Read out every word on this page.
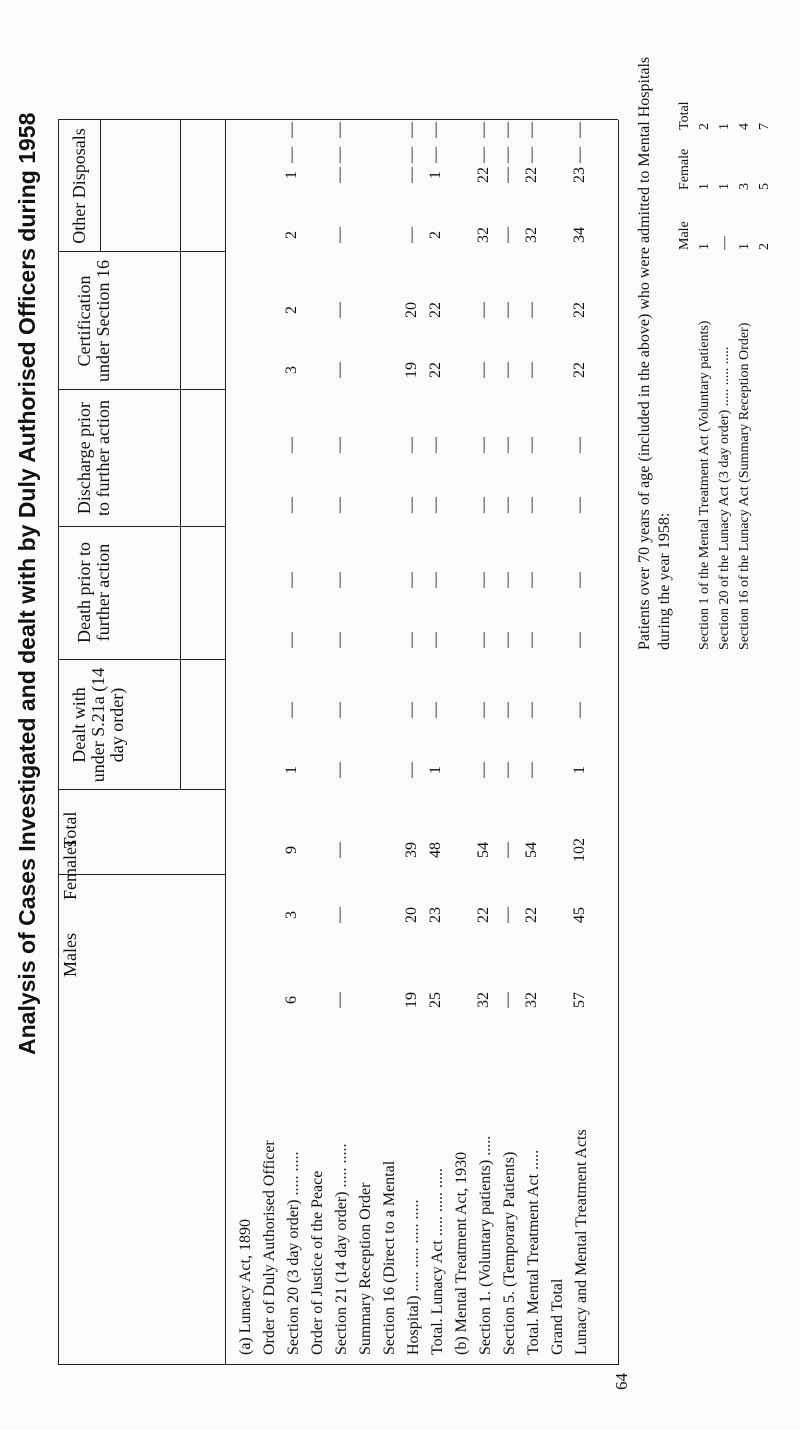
Analysis of Cases Investigated and dealt with by Duly Authorised Officers during 1958	Males
Females
Total
Dealt with under S.21a (14 day order)
Death prior to further action
Discharge prior to further action
Certification under Section 16
Other Disposals
(a) Lunacy Act, 1890 Order of Duly Authorised Officer Section 20 (3 day order) ..... .....
6
3
9
1
—
—
—
—
—
3
2
2
1
—
—
Order of Justice of the Peace Section 21 (14 day order) ..... .....
—
—
—
—
—
—
—
—
—
—
—
—
—
—
—
Summary Reception Order Section 16 (Direct to a Mental Hospital) ..... ..... ..... .....
19
20
39
—
—
—
—
—
—
19
20
—
—
—
—
Total. Lunacy Act ..... ..... .....
25
23
48
1
—
—
—
—
—
22
22
2
1
—
—
(b) Mental Treatment Act, 1930 Section 1. (Voluntary patients) .....
32
22
54
—
—
—
—
—
—
—
—
32
22
—
—
Section 5. (Temporary Patients)
—
—
—
—
—
—
—
—
—
—
—
—
—
—
—
Total. Mental Treatment Act .....
32
22
54
—
—
—
—
—
—
—
—
32
22
—
—
Grand Total Lunacy and Mental Treatment Acts
57
45
102
1
—
—
—
—
—
22
22
34
23
—
—
64
Patients over 70 years of age (included in the above) who were admitted to Mental Hospitals during the year 1958:
Male
Female
Total
Section 1 of the Mental Treatment Act (Voluntary patients)
1
1
2
Section 20 of the Lunacy Act (3 day order) ..... ..... .....
—
1
1
Section 16 of the Lunacy Act (Summary Reception Order)
1
3
4
2
5
7
